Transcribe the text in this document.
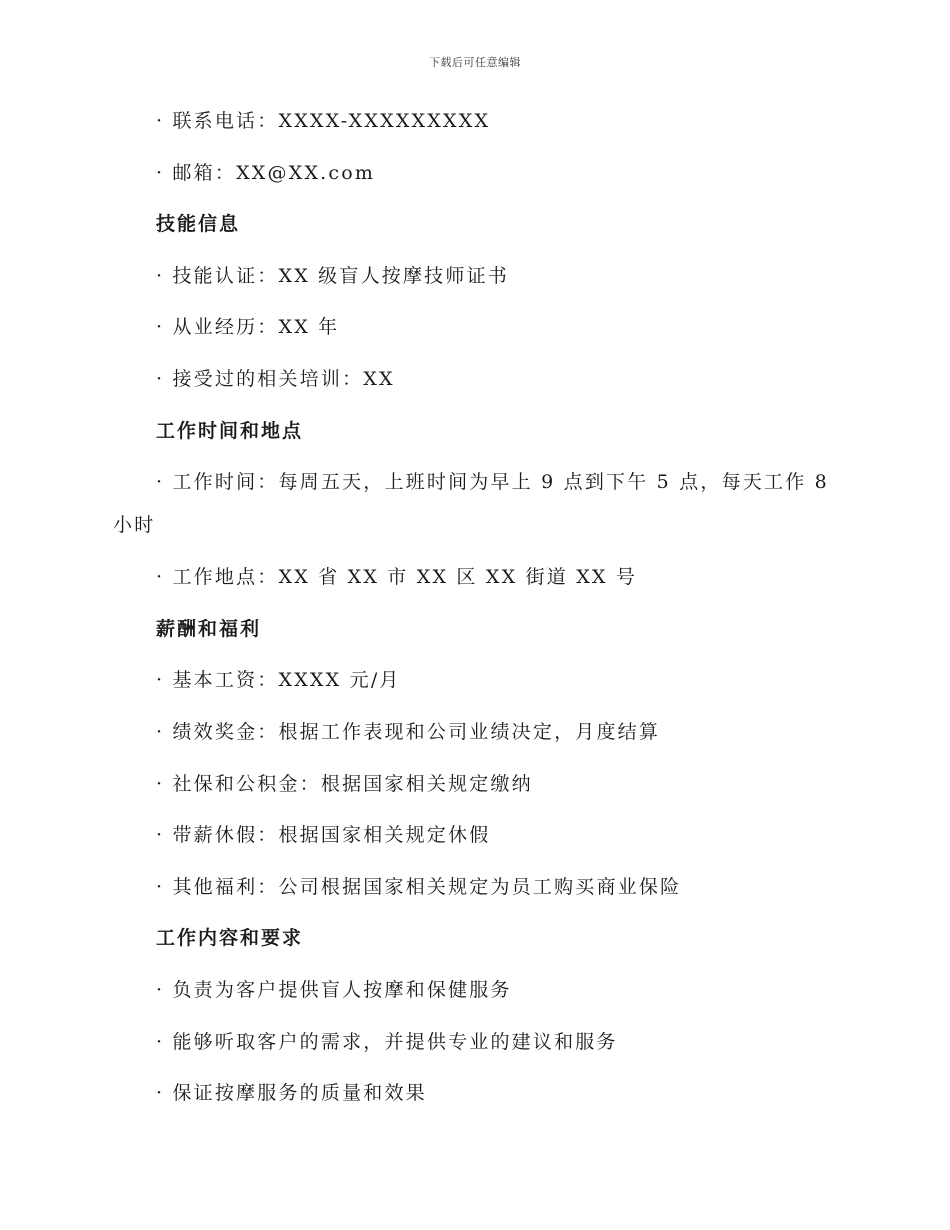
下载后可任意编辑
· 联系电话：XXXX-XXXXXXXXX
· 邮箱：XX@XX.com
技能信息
· 技能认证：XX 级盲人按摩技师证书
· 从业经历：XX 年
· 接受过的相关培训：XX
工作时间和地点
· 工作时间：每周五天，上班时间为早上 9 点到下午 5 点，每天工作 8 小时
· 工作地点：XX 省 XX 市 XX 区 XX 街道 XX 号
薪酬和福利
· 基本工资：XXXX 元/月
· 绩效奖金：根据工作表现和公司业绩决定，月度结算
· 社保和公积金：根据国家相关规定缴纳
· 带薪休假：根据国家相关规定休假
· 其他福利：公司根据国家相关规定为员工购买商业保险
工作内容和要求
· 负责为客户提供盲人按摩和保健服务
· 能够听取客户的需求，并提供专业的建议和服务
· 保证按摩服务的质量和效果
